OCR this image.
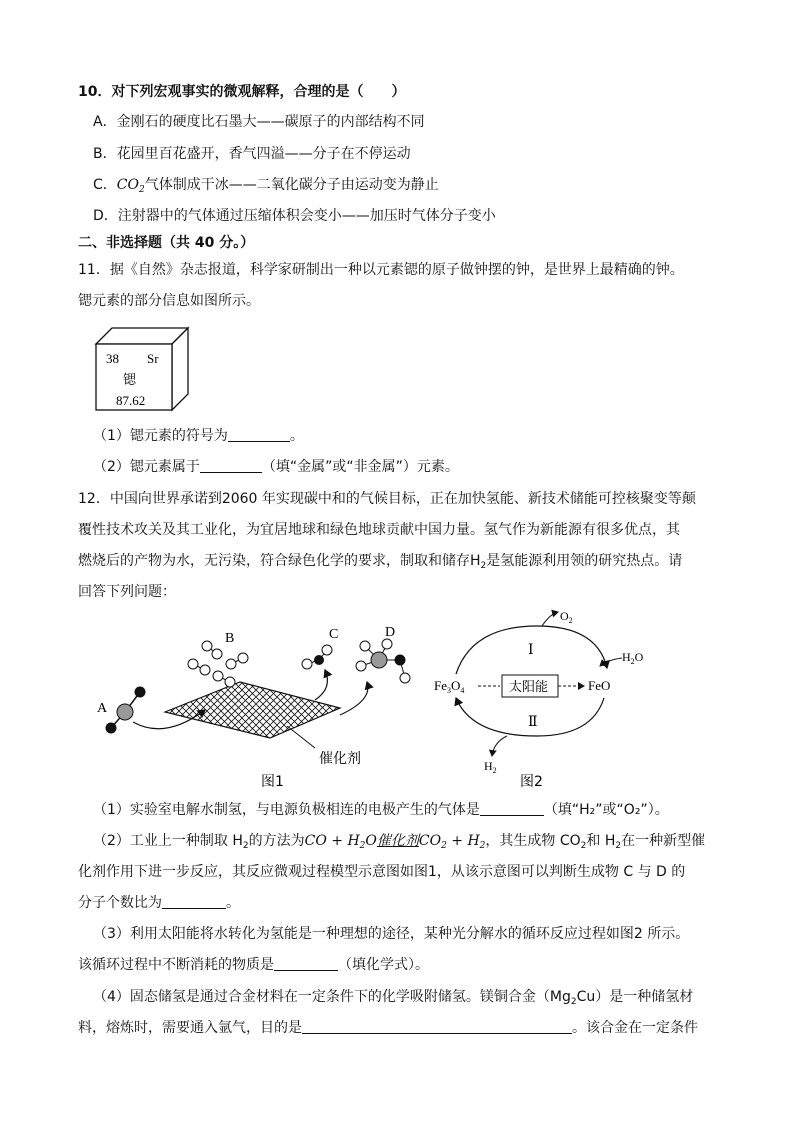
10．对下列宏观事实的微观解释，合理的是（　　）
A．金刚石的硬度比石墨大——碳原子的内部结构不同
B．花园里百花盛开，香气四溢——分子在不停运动
C．$CO_2$气体制成干冰——二氧化碳分子由运动变为静止
D．注射器中的气体通过压缩体积会变小——加压时气体分子变小
二、非选择题（共 40 分。）
11．据《自然》杂志报道，科学家研制出一种以元素锶的原子做钟摆的钟，是世界上最精确的钟。
锶元素的部分信息如图所示。
38 Sr
锶
87.62
（1）锶元素的符号为	。
（2）锶元素属于	（填“金属”或“非金属”）元素。
12．中国向世界承诺到2060 年实现碳中和的气候目标，正在加快氢能、新技术储能可控核聚变等颠
覆性技术攻关及其工业化，为宜居地球和绿色地球贡献中国力量。氢气作为新能源有很多优点，其
燃烧后的产物为水，无污染，符合绿色化学的要求，制取和储存$H_2$是氢能源利用领的研究热点。请
回答下列问题：
A
B	C	D
催化剂
图1
$O_2$
$H_2O$
$H_2$
$Fe_3O_4$	太阳能	FeO
Ⅰ
Ⅱ
图2
（1）实验室电解水制氢，与电源负极相连的电极产生的气体是	（填“H₂”或“O₂”）。
（2）工业上一种制取 $H_2$的方法为CO + $H_2O$催化剂$CO_2 + H_2$，其生成物 $CO_2$和 $H_2$在一种新型催
化剂作用下进一步反应，其反应微观过程模型示意图如图1，从该示意图可以判断生成物 C 与 D 的
分子个数比为	。
（3）利用太阳能将水转化为氢能是一种理想的途径，某种光分解水的循环反应过程如图2 所示。
该循环过程中不断消耗的物质是	（填化学式）。
（4）固态储氢是通过合金材料在一定条件下的化学吸附储氢。镁铜合金$(Mg_2Cu)$是一种储氢材
料，熔炼时，需要通入氩气，目的是	。该合金在一定条件
